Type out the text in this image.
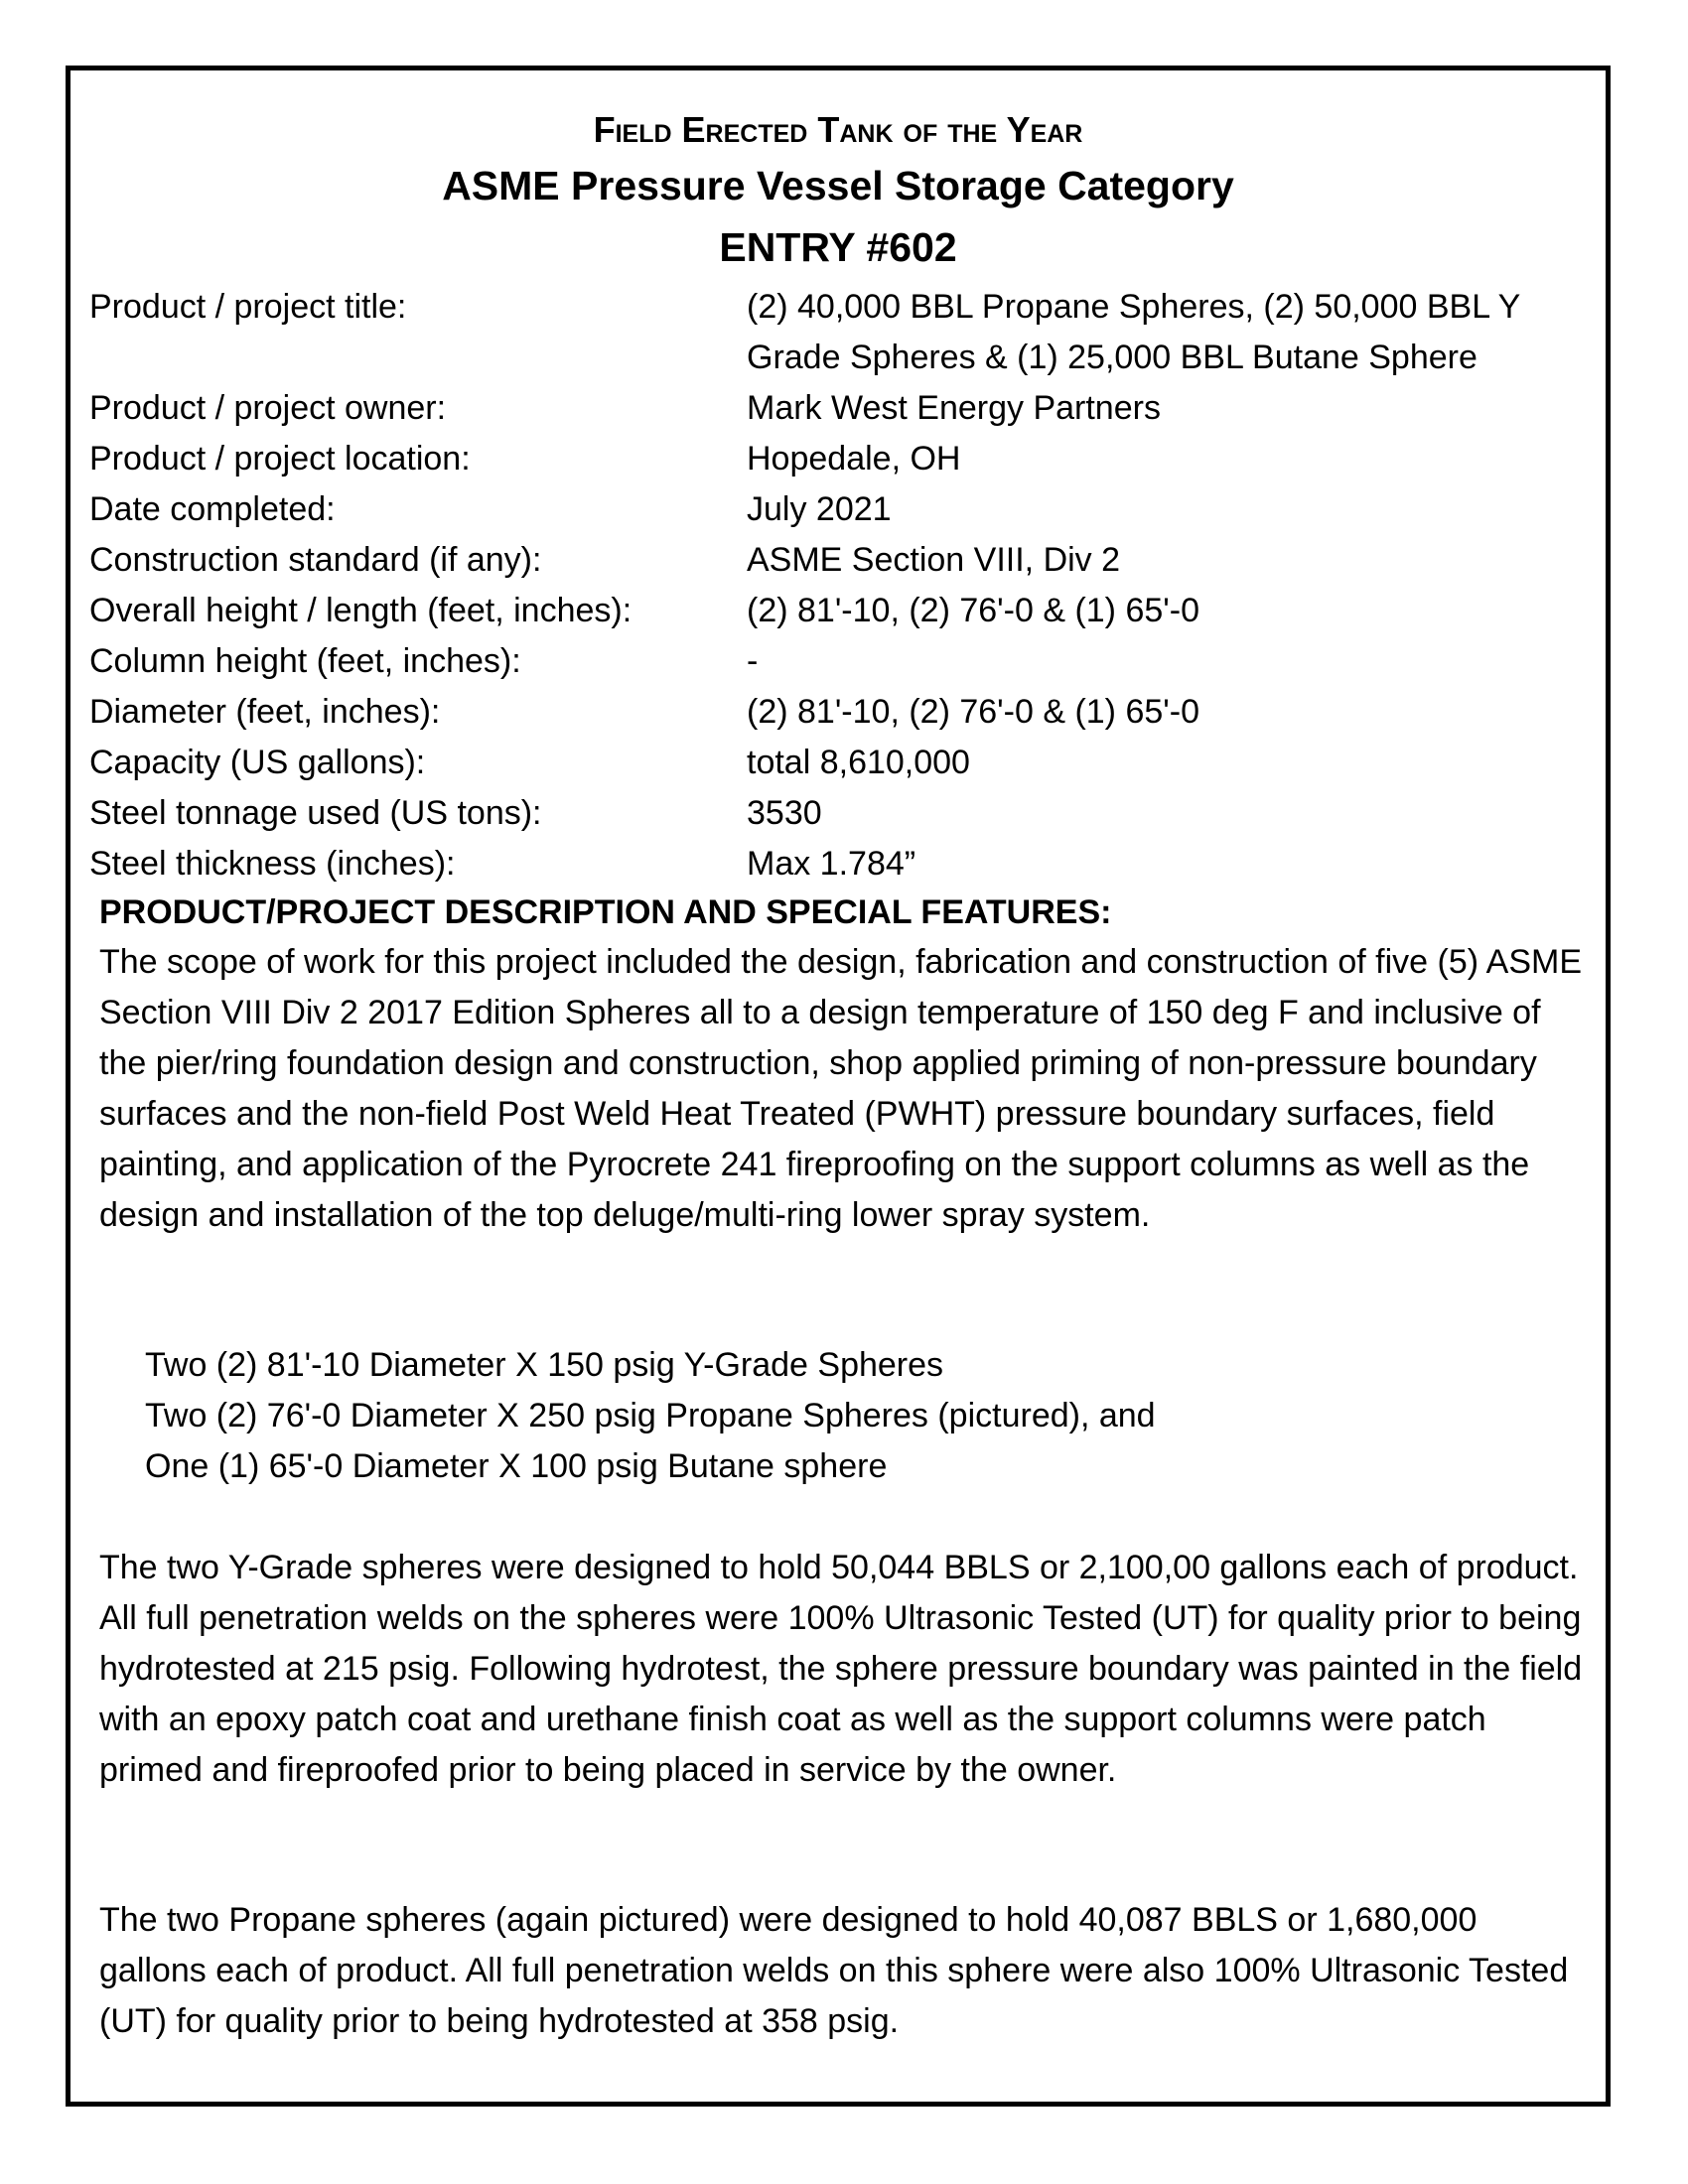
Field Erected Tank of the Year
ASME Pressure Vessel Storage Category
ENTRY #602
Product / project title:	(2) 40,000 BBL Propane Spheres, (2) 50,000 BBL Y Grade Spheres & (1) 25,000 BBL Butane Sphere
Product / project owner:	Mark West Energy Partners
Product / project location:	Hopedale, OH
Date completed:	July 2021
Construction standard (if any):	ASME Section VIII, Div 2
Overall height / length (feet, inches):	(2) 81'-10, (2) 76'-0 & (1) 65'-0
Column height (feet, inches):	-
Diameter (feet, inches):	(2) 81'-10, (2) 76'-0 & (1) 65'-0
Capacity (US gallons):	total 8,610,000
Steel tonnage used (US tons):	3530
Steel thickness (inches):	Max 1.784”
PRODUCT/PROJECT DESCRIPTION AND SPECIAL FEATURES:
The scope of work for this project included the design, fabrication and construction of five (5) ASME Section VIII Div 2 2017 Edition Spheres all to a design temperature of 150 deg F and inclusive of the pier/ring foundation design and construction, shop applied priming of non-pressure boundary surfaces and the non-field Post Weld Heat Treated (PWHT) pressure boundary surfaces, field painting, and application of the Pyrocrete 241 fireproofing on the support columns as well as the design and installation of the top deluge/multi-ring lower spray system.
Two (2) 81'-10 Diameter X 150 psig Y-Grade Spheres
Two (2) 76'-0 Diameter X 250 psig Propane Spheres (pictured), and
One (1) 65'-0 Diameter X 100 psig Butane sphere
The two Y-Grade spheres were designed to hold 50,044 BBLS or 2,100,00 gallons each of product. All full penetration welds on the spheres were 100% Ultrasonic Tested (UT) for quality prior to being hydrotested at 215 psig. Following hydrotest, the sphere pressure boundary was painted in the field with an epoxy patch coat and urethane finish coat as well as the support columns were patch primed and fireproofed prior to being placed in service by the owner.
The two Propane spheres (again pictured) were designed to hold 40,087 BBLS or 1,680,000 gallons each of product. All full penetration welds on this sphere were also 100% Ultrasonic Tested (UT) for quality prior to being hydrotested at 358 psig.
